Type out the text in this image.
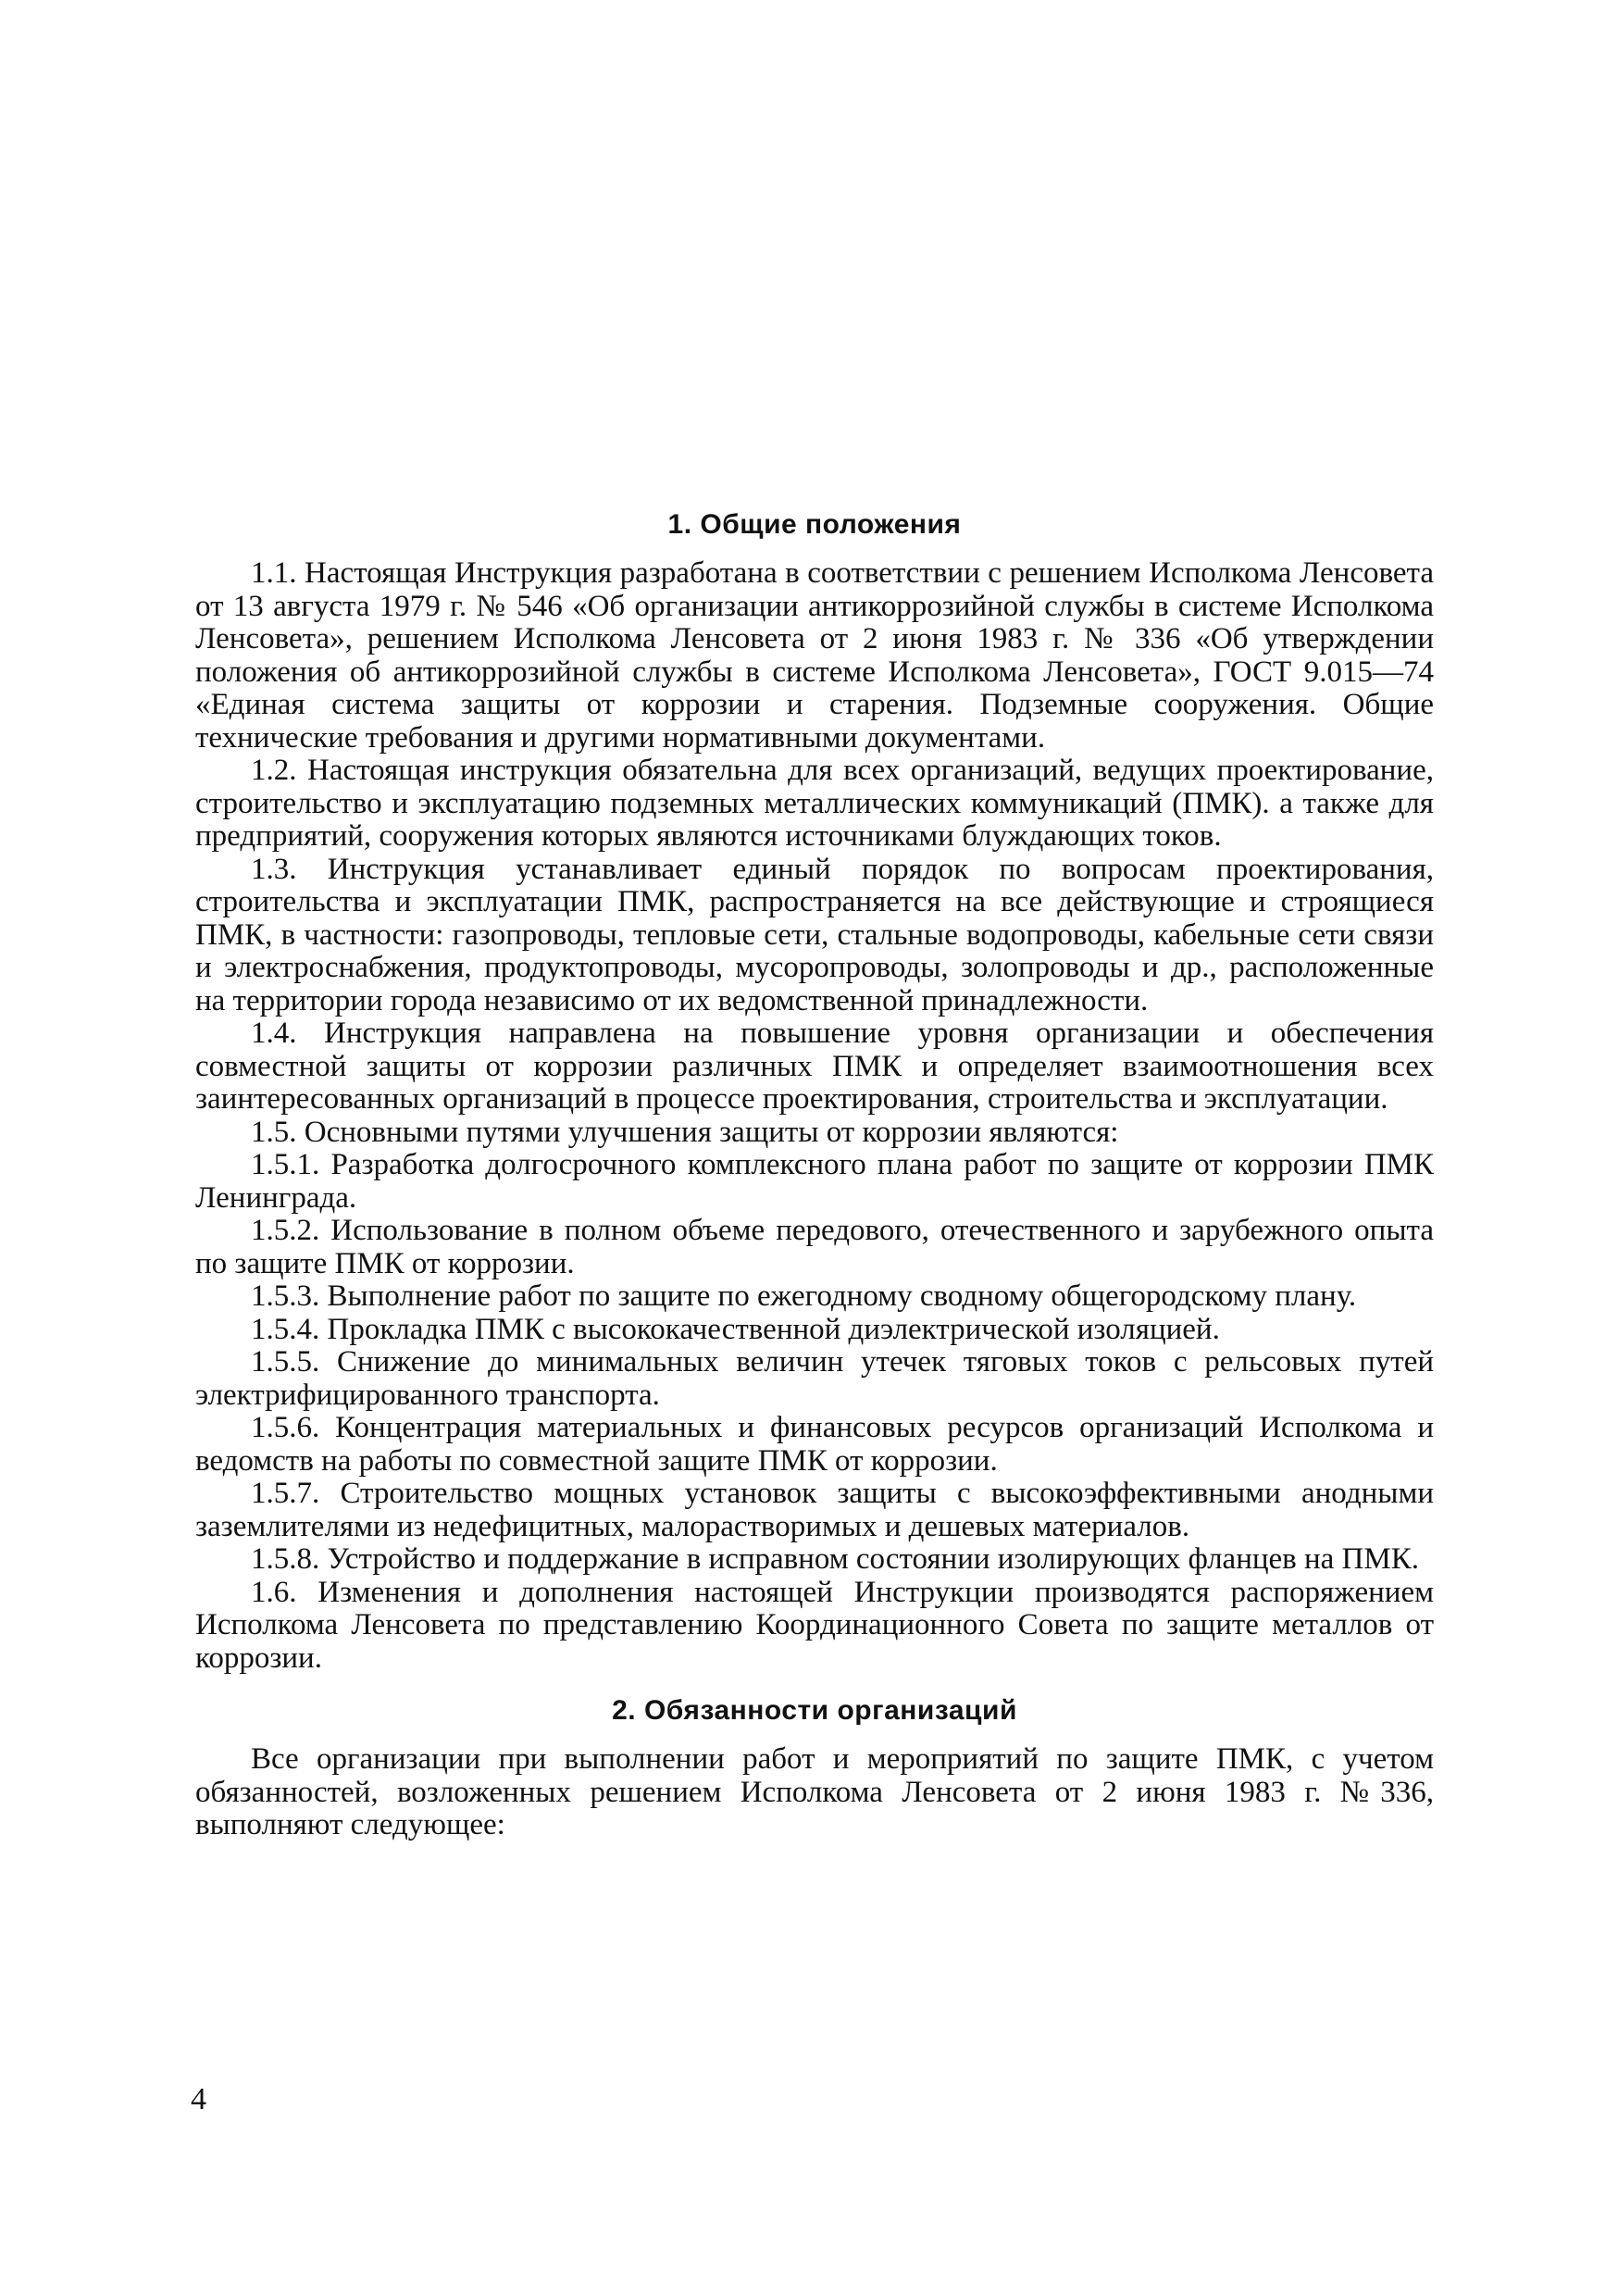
1. Общие положения

1.1. Настоящая Инструкция разработана в соответствии с решением Исполкома Ленсовета от 13 августа 1979 г. № 546 «Об организации антикоррозийной службы в системе Исполкома Ленсовета», решением Исполкома Ленсовета от 2 июня 1983 г. № 336 «Об утверждении положения об антикоррозийной службы в системе Исполкома Ленсовета», ГОСТ 9.015—74 «Единая система защиты от коррозии и старения. Подземные сооружения. Общие технические требования и другими нормативными документами.

1.2. Настоящая инструкция обязательна для всех организаций, ведущих проектирование, строительство и эксплуатацию подземных металлических коммуникаций (ПМК). а также для предприятий, сооружения которых являются источниками блуждающих токов.

1.3. Инструкция устанавливает единый порядок по вопросам проектирования, строительства и эксплуатации ПМК, распространяется на все действующие и строящиеся ПМК, в частности: газопроводы, тепловые сети, стальные водопроводы, кабельные сети связи и электроснабжения, продуктопроводы, мусоропроводы, золопроводы и др., расположенные на территории города независимо от их ведомственной принадлежности.

1.4. Инструкция направлена на повышение уровня организации и обеспечения совместной защиты от коррозии различных ПМК и определяет взаимоотношения всех заинтересованных организаций в процессе проектирования, строительства и эксплуатации.

1.5. Основными путями улучшения защиты от коррозии являются:

1.5.1. Разработка долгосрочного комплексного плана работ по защите от коррозии ПМК Ленинграда.

1.5.2. Использование в полном объеме передового, отечественного и зарубежного опыта по защите ПМК от коррозии.

1.5.3. Выполнение работ по защите по ежегодному сводному общегородскому плану.

1.5.4. Прокладка ПМК с высококачественной диэлектрической изоляцией.

1.5.5. Снижение до минимальных величин утечек тяговых токов с рельсовых путей электрифицированного транспорта.

1.5.6. Концентрация материальных и финансовых ресурсов организаций Исполкома и ведомств на работы по совместной защите ПМК от коррозии.

1.5.7. Строительство мощных установок защиты с высокоэффективными анодными заземлителями из недефицитных, малорастворимых и дешевых материалов.

1.5.8. Устройство и поддержание в исправном состоянии изолирующих фланцев на ПМК.

1.6. Изменения и дополнения настоящей Инструкции производятся распоряжением Исполкома Ленсовета по представлению Координационного Совета по защите металлов от коррозии.

2. Обязанности организаций

Все организации при выполнении работ и мероприятий по защите ПМК, с учетом обязанностей, возложенных решением Исполкома Ленсовета от 2 июня 1983 г. №336, выполняют следующее:

4
